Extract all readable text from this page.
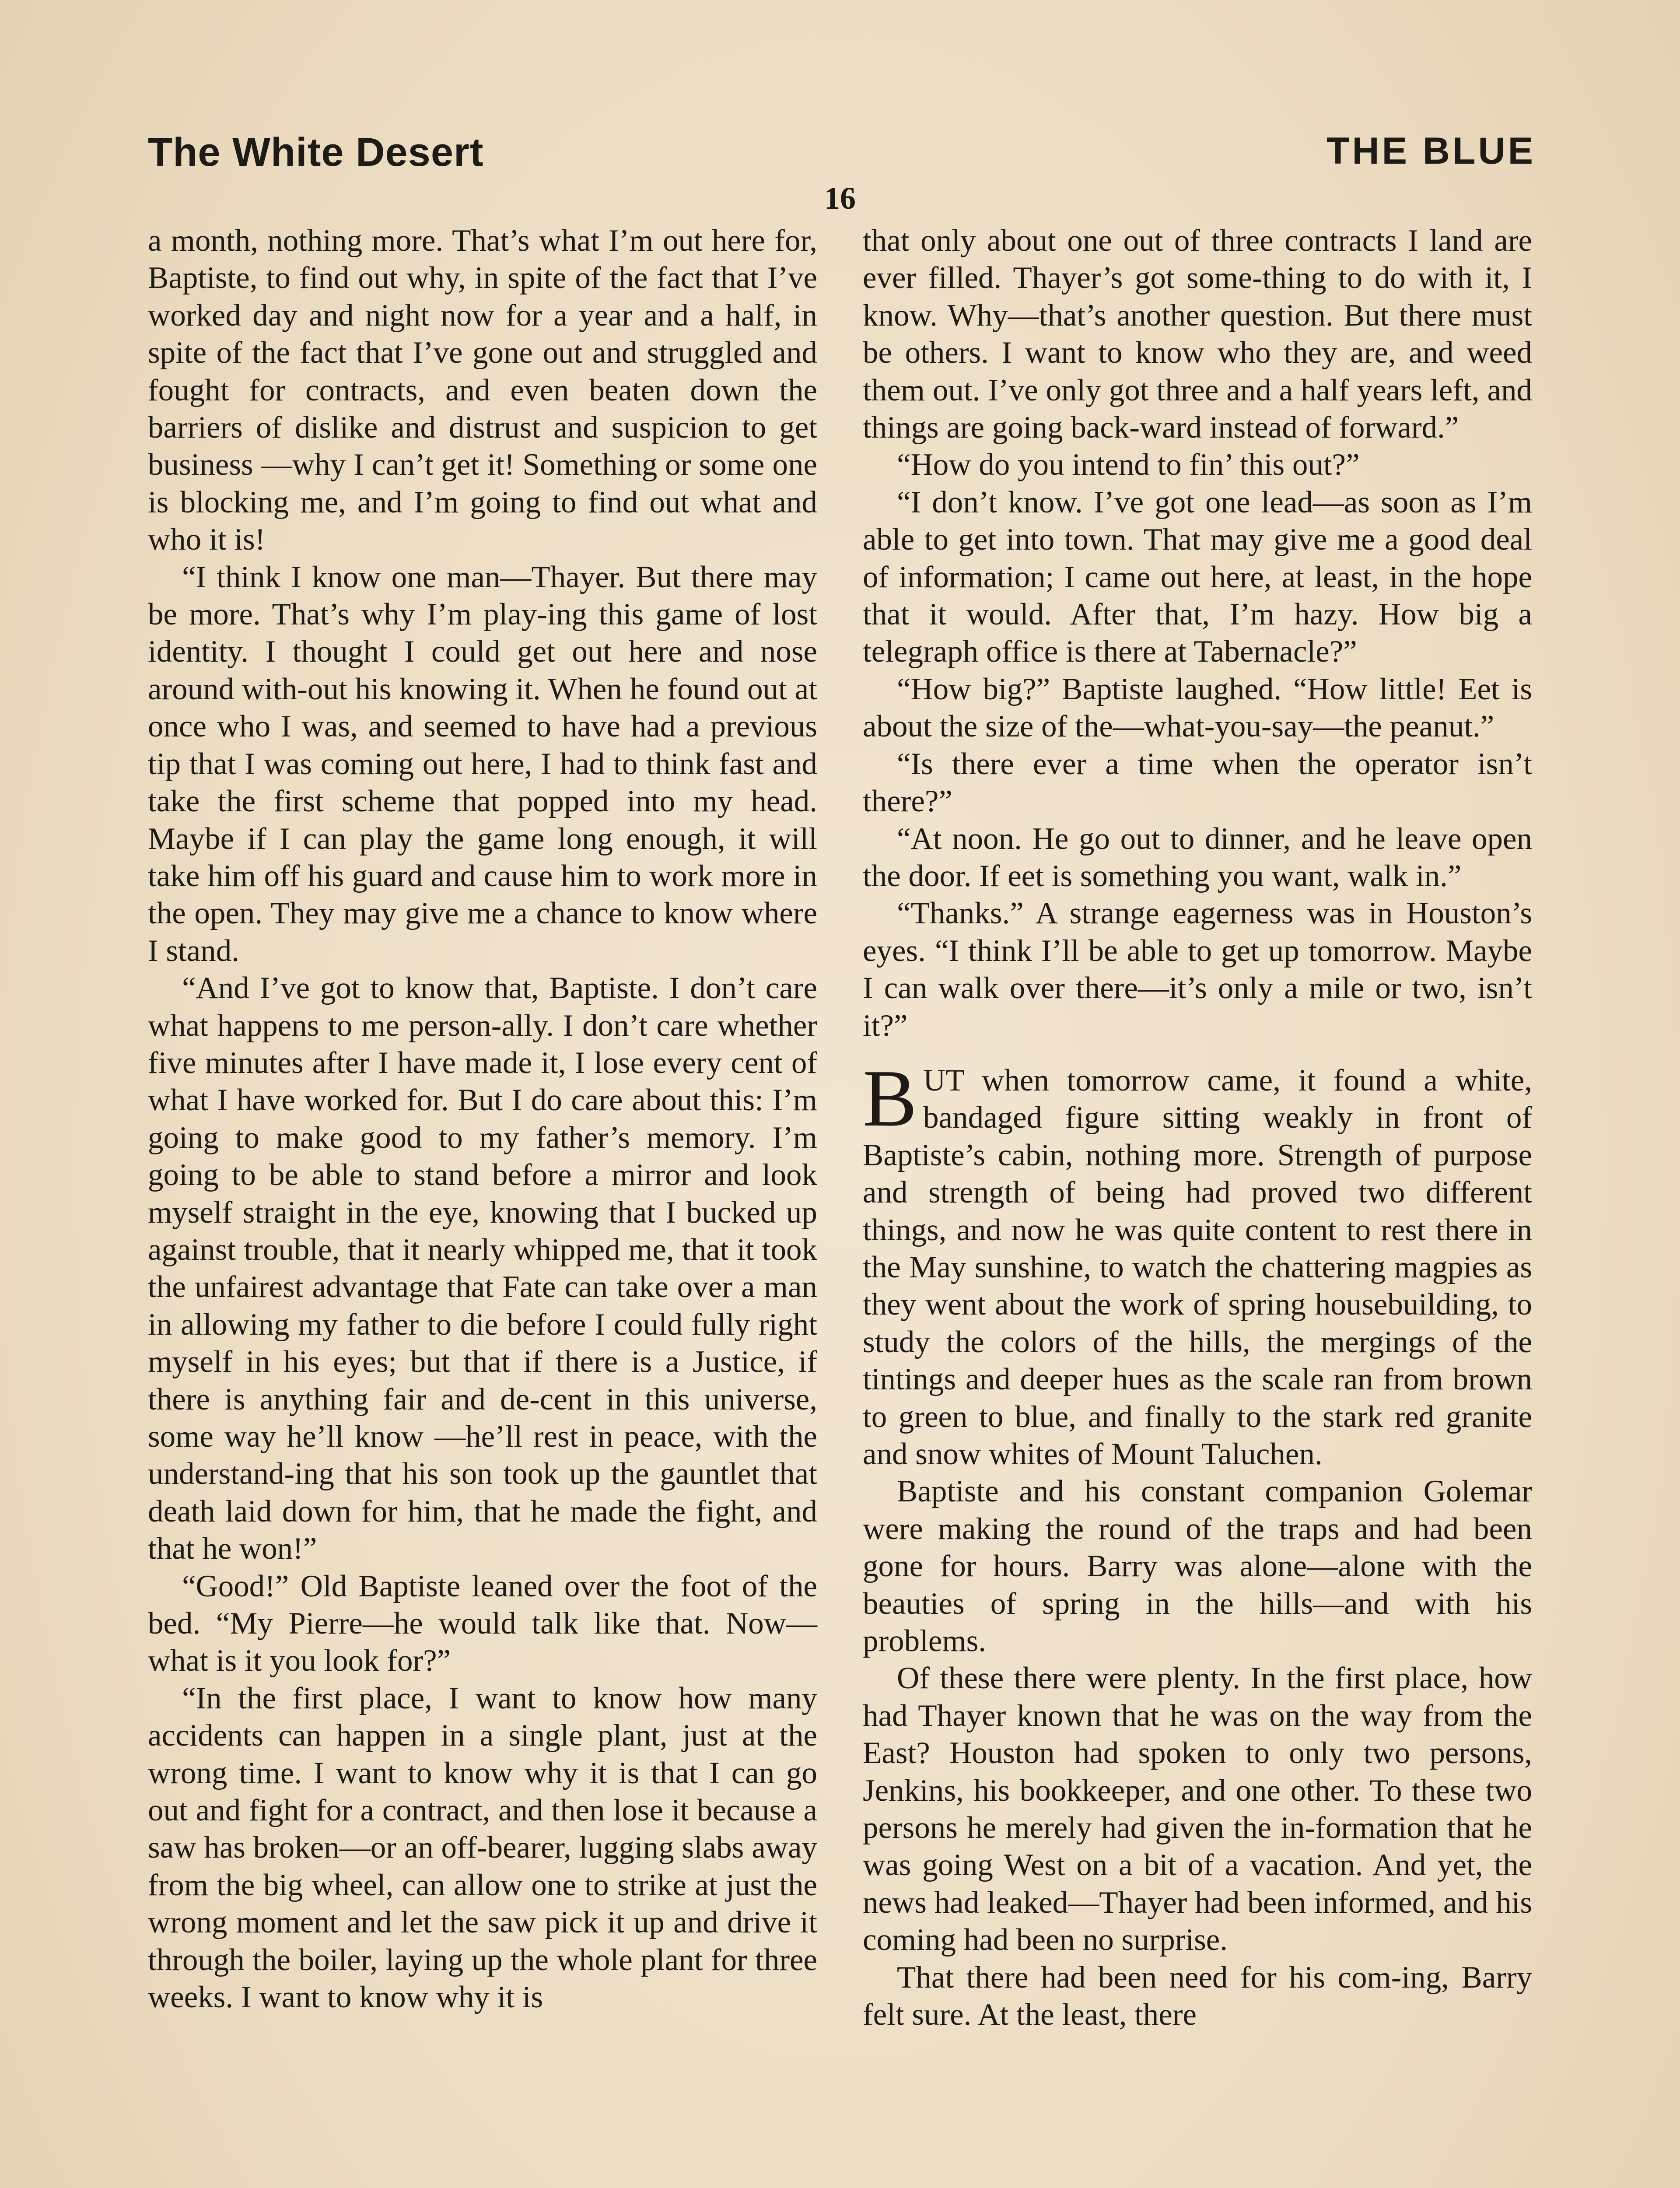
The White Desert	THE BLUE
16

a month, nothing more. That’s what I’m out here for, Baptiste, to find out why, in spite of the fact that I’ve worked day and night now for a year and a half, in spite of the fact that I’ve gone out and struggled and fought for contracts, and even beaten down the barriers of dislike and distrust and suspicion to get business —why I can’t get it! Something or some one is blocking me, and I’m going to find out what and who it is!

“I think I know one man—Thayer. But there may be more. That’s why I’m play-ing this game of lost identity. I thought I could get out here and nose around with-out his knowing it. When he found out at once who I was, and seemed to have had a previous tip that I was coming out here, I had to think fast and take the first scheme that popped into my head. Maybe if I can play the game long enough, it will take him off his guard and cause him to work more in the open. They may give me a chance to know where I stand.

“And I’ve got to know that, Baptiste. I don’t care what happens to me person-ally. I don’t care whether five minutes after I have made it, I lose every cent of what I have worked for. But I do care about this: I’m going to make good to my father’s memory. I’m going to be able to stand before a mirror and look myself straight in the eye, knowing that I bucked up against trouble, that it nearly whipped me, that it took the unfairest advantage that Fate can take over a man in allowing my father to die before I could fully right myself in his eyes; but that if there is a Justice, if there is anything fair and de-cent in this universe, some way he’ll know —he’ll rest in peace, with the understand-ing that his son took up the gauntlet that death laid down for him, that he made the fight, and that he won!”

“Good!” Old Baptiste leaned over the foot of the bed. “My Pierre—he would talk like that. Now—what is it you look for?”

“In the first place, I want to know how many accidents can happen in a single plant, just at the wrong time. I want to know why it is that I can go out and fight for a contract, and then lose it because a saw has broken—or an off-bearer, lugging slabs away from the big wheel, can allow one to strike at just the wrong moment and let the saw pick it up and drive it through the boiler, laying up the whole plant for three weeks. I want to know why it is

that only about one out of three contracts I land are ever filled. Thayer’s got some-thing to do with it, I know. Why—that’s another question. But there must be others. I want to know who they are, and weed them out. I’ve only got three and a half years left, and things are going back-ward instead of forward.”

“How do you intend to fin’ this out?”

“I don’t know. I’ve got one lead—as soon as I’m able to get into town. That may give me a good deal of information; I came out here, at least, in the hope that it would. After that, I’m hazy. How big a telegraph office is there at Tabernacle?”

“How big?” Baptiste laughed. “How little! Eet is about the size of the—what-you-say—the peanut.”

“Is there ever a time when the operator isn’t there?”

“At noon. He go out to dinner, and he leave open the door. If eet is something you want, walk in.”

“Thanks.” A strange eagerness was in Houston’s eyes. “I think I’ll be able to get up tomorrow. Maybe I can walk over there—it’s only a mile or two, isn’t it?”

BUT when tomorrow came, it found a white, bandaged figure sitting weakly in front of Baptiste’s cabin, nothing more. Strength of purpose and strength of being had proved two different things, and now he was quite content to rest there in the May sunshine, to watch the chattering magpies as they went about the work of spring housebuilding, to study the colors of the hills, the mergings of the tintings and deeper hues as the scale ran from brown to green to blue, and finally to the stark red granite and snow whites of Mount Taluchen.

Baptiste and his constant companion Golemar were making the round of the traps and had been gone for hours. Barry was alone—alone with the beauties of spring in the hills—and with his problems.

Of these there were plenty. In the first place, how had Thayer known that he was on the way from the East? Houston had spoken to only two persons, Jenkins, his bookkeeper, and one other. To these two persons he merely had given the in-formation that he was going West on a bit of a vacation. And yet, the news had leaked—Thayer had been informed, and his coming had been no surprise.

That there had been need for his com-ing, Barry felt sure. At the least, there
